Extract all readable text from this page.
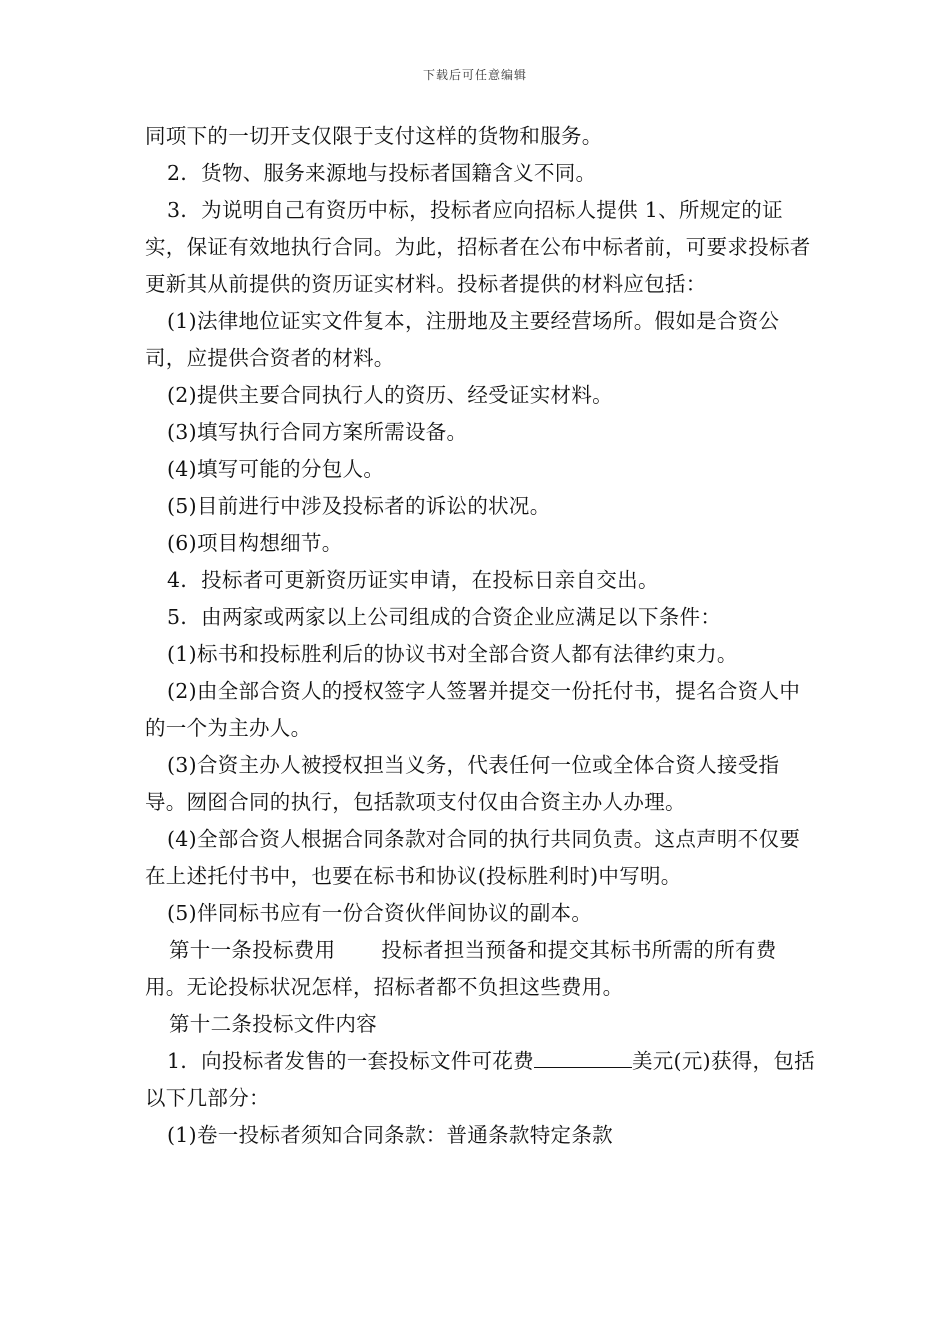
下载后可任意编辑

同项下的一切开支仅限于支付这样的货物和服务。

2．货物、服务来源地与投标者国籍含义不同。

3．为说明自己有资历中标，投标者应向招标人提供 1、所规定的证实，保证有效地执行合同。为此，招标者在公布中标者前，可要求投标者更新其从前提供的资历证实材料。投标者提供的材料应包括：

(1)法律地位证实文件复本，注册地及主要经营场所。假如是合资公司，应提供合资者的材料。

(2)提供主要合同执行人的资历、经受证实材料。

(3)填写执行合同方案所需设备。

(4)填写可能的分包人。

(5)目前进行中涉及投标者的诉讼的状况。

(6)项目构想细节。

4．投标者可更新资历证实申请，在投标日亲自交出。

5．由两家或两家以上公司组成的合资企业应满足以下条件：

(1)标书和投标胜利后的协议书对全部合资人都有法律约束力。

(2)由全部合资人的授权签字人签署并提交一份托付书，提名合资人中的一个为主办人。

(3)合资主办人被授权担当义务，代表任何一位或全体合资人接受指导。囫囵合同的执行，包括款项支付仅由合资主办人办理。

(4)全部合资人根据合同条款对合同的执行共同负责。这点声明不仅要在上述托付书中，也要在标书和协议(投标胜利时)中写明。

(5)伴同标书应有一份合资伙伴间协议的副本。

第十一条投标费用 投标者担当预备和提交其标书所需的所有费用。无论投标状况怎样，招标者都不负担这些费用。

第十二条投标文件内容

1．向投标者发售的一套投标文件可花费	美元(元)获得，包括以下几部分：

(1)卷一投标者须知合同条款：普通条款特定条款
